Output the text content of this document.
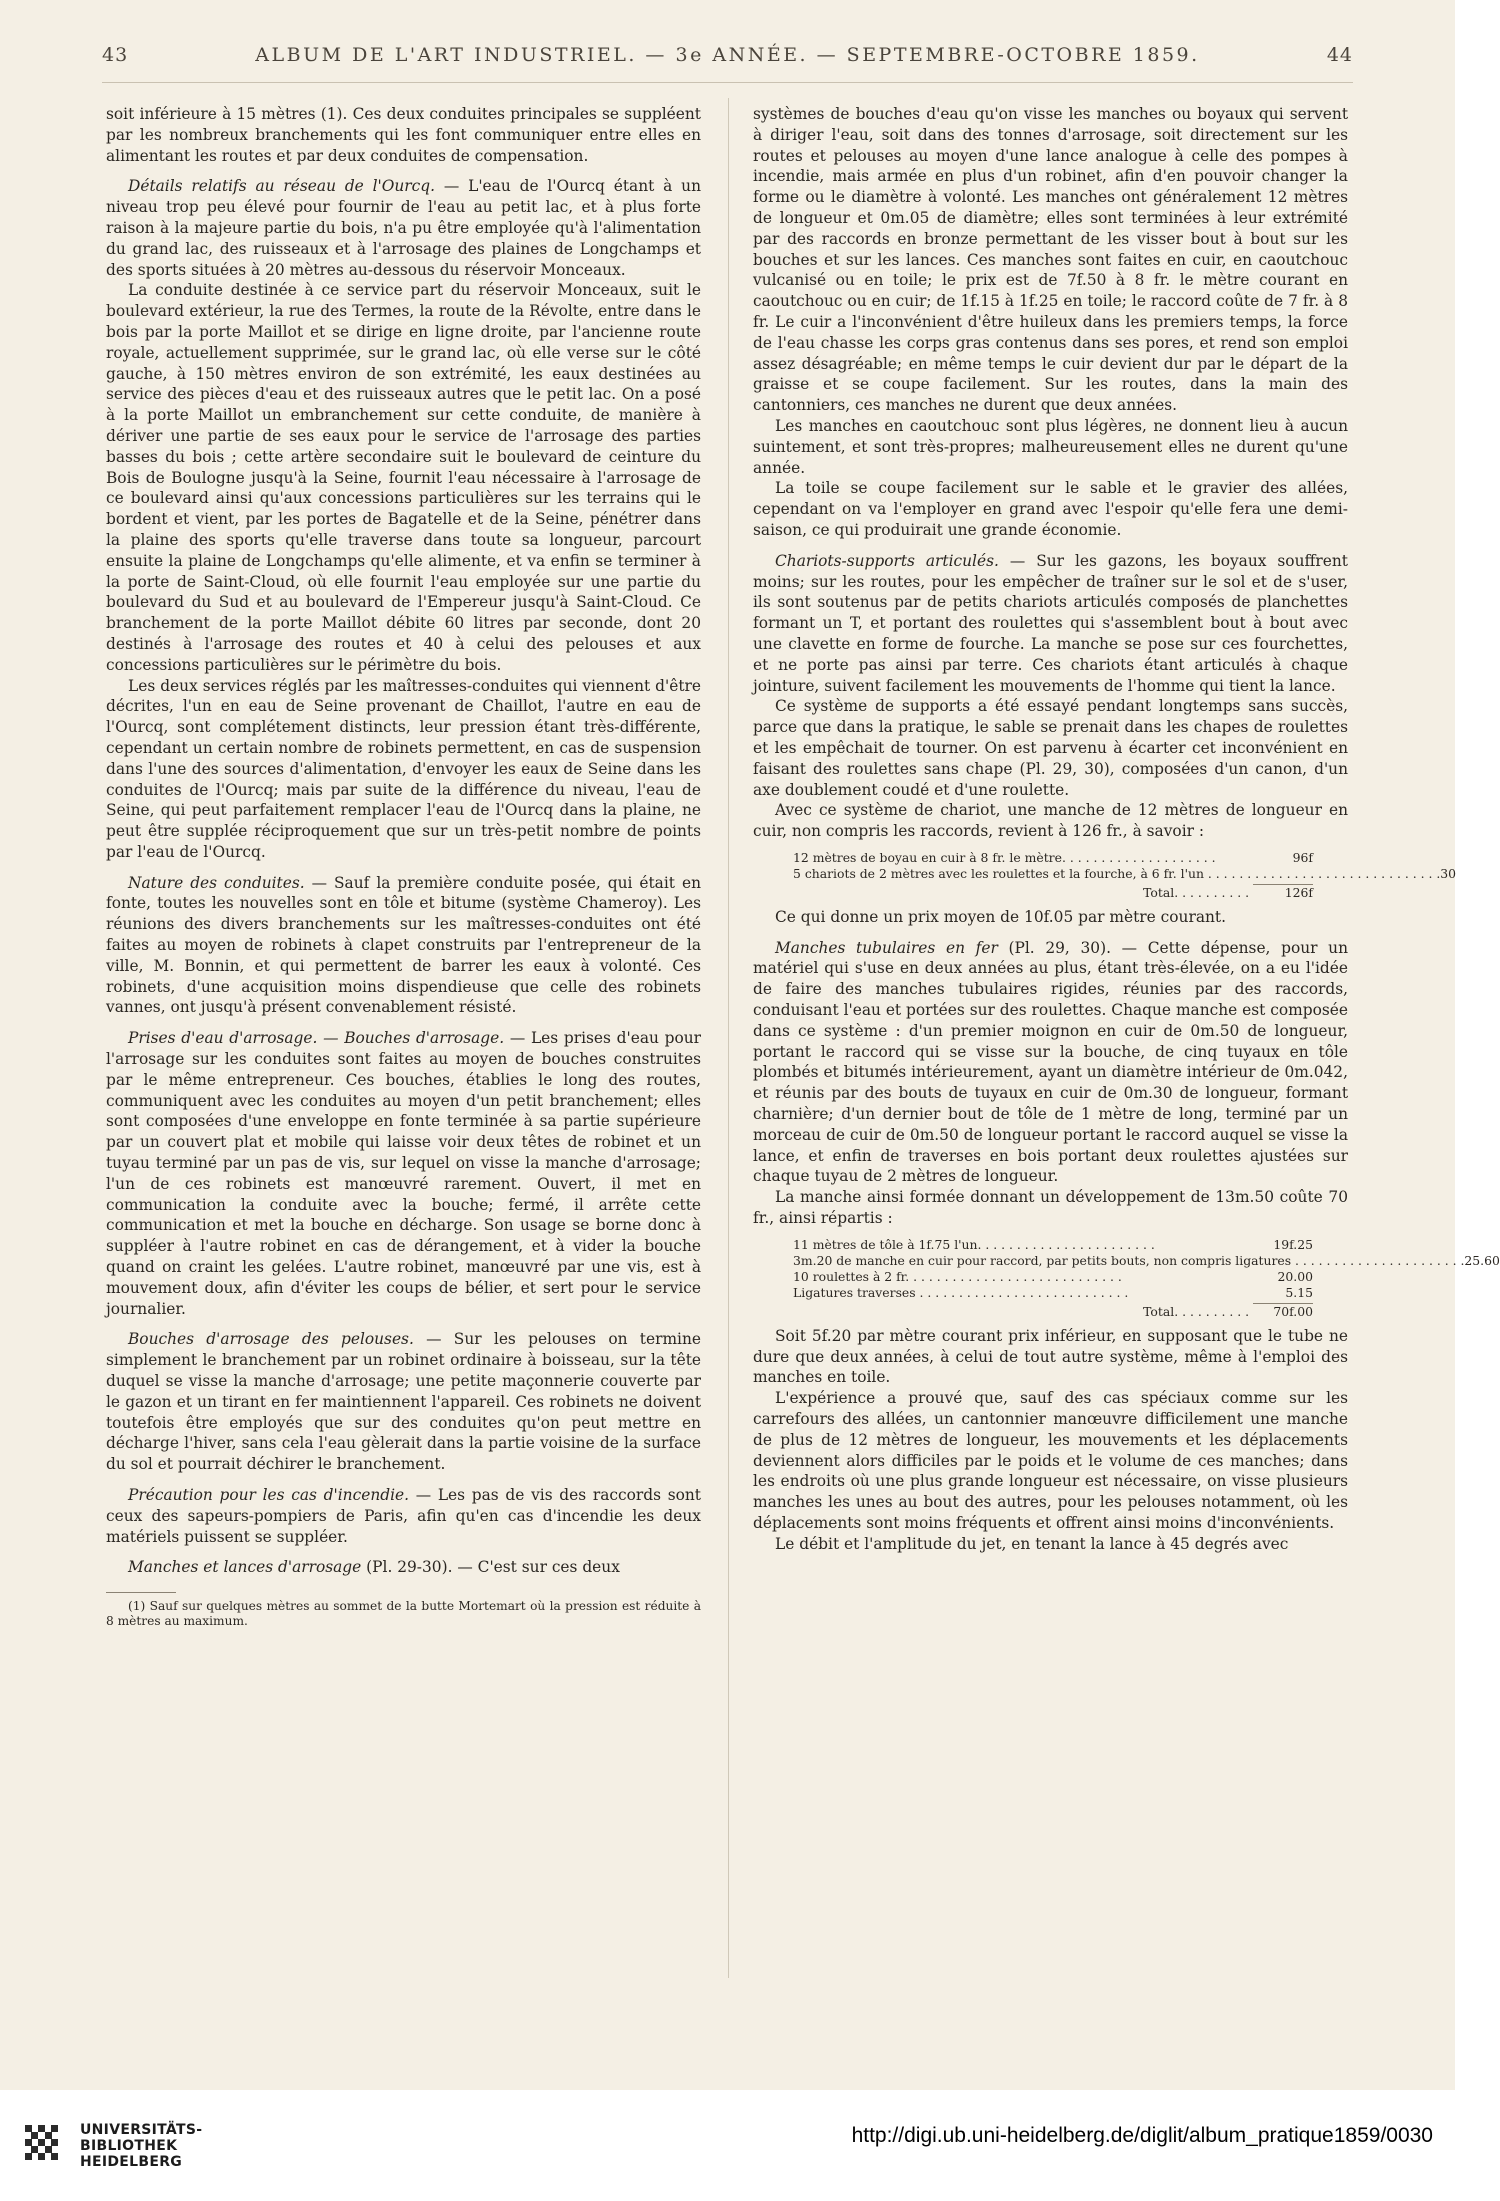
43	ALBUM DE L'ART INDUSTRIEL. — 3e ANNÉE. — SEPTEMBRE-OCTOBRE 1859.	44

soit inférieure à 15 mètres (1). Ces deux conduites principales se suppléent par les nombreux branchements qui les font communiquer entre elles en alimentant les routes et par deux conduites de compensation.

Détails relatifs au réseau de l'Ourcq. — L'eau de l'Ourcq étant à un niveau trop peu élevé pour fournir de l'eau au petit lac, et à plus forte raison à la majeure partie du bois, n'a pu être employée qu'à l'alimentation du grand lac, des ruisseaux et à l'arrosage des plaines de Longchamps et des sports situées à 20 mètres au-dessous du réservoir Monceaux.

La conduite destinée à ce service part du réservoir Monceaux, suit le boulevard extérieur, la rue des Termes, la route de la Révolte, entre dans le bois par la porte Maillot et se dirige en ligne droite, par l'ancienne route royale, actuellement supprimée, sur le grand lac, où elle verse sur le côté gauche, à 150 mètres environ de son extrémité, les eaux destinées au service des pièces d'eau et des ruisseaux autres que le petit lac. On a posé à la porte Maillot un embranchement sur cette conduite, de manière à dériver une partie de ses eaux pour le service de l'arrosage des parties basses du bois ; cette artère secondaire suit le boulevard de ceinture du Bois de Boulogne jusqu'à la Seine, fournit l'eau nécessaire à l'arrosage de ce boulevard ainsi qu'aux concessions particulières sur les terrains qui le bordent et vient, par les portes de Bagatelle et de la Seine, pénétrer dans la plaine des sports qu'elle traverse dans toute sa longueur, parcourt ensuite la plaine de Longchamps qu'elle alimente, et va enfin se terminer à la porte de Saint-Cloud, où elle fournit l'eau employée sur une partie du boulevard du Sud et au boulevard de l'Empereur jusqu'à Saint-Cloud. Ce branchement de la porte Maillot débite 60 litres par seconde, dont 20 destinés à l'arrosage des routes et 40 à celui des pelouses et aux concessions particulières sur le périmètre du bois.

Les deux services réglés par les maîtresses-conduites qui viennent d'être décrites, l'un en eau de Seine provenant de Chaillot, l'autre en eau de l'Ourcq, sont complétement distincts, leur pression étant très-différente, cependant un certain nombre de robinets permettent, en cas de suspension dans l'une des sources d'alimentation, d'envoyer les eaux de Seine dans les conduites de l'Ourcq; mais par suite de la différence du niveau, l'eau de Seine, qui peut parfaitement remplacer l'eau de l'Ourcq dans la plaine, ne peut être supplée réciproquement que sur un très-petit nombre de points par l'eau de l'Ourcq.

Nature des conduites. — Sauf la première conduite posée, qui était en fonte, toutes les nouvelles sont en tôle et bitume (système Chameroy). Les réunions des divers branchements sur les maîtresses-conduites ont été faites au moyen de robinets à clapet construits par l'entrepreneur de la ville, M. Bonnin, et qui permettent de barrer les eaux à volonté. Ces robinets, d'une acquisition moins dispendieuse que celle des robinets vannes, ont jusqu'à présent convenablement résisté.

Prises d'eau d'arrosage. — Bouches d'arrosage. — Les prises d'eau pour l'arrosage sur les conduites sont faites au moyen de bouches construites par le même entrepreneur. Ces bouches, établies le long des routes, communiquent avec les conduites au moyen d'un petit branchement; elles sont composées d'une enveloppe en fonte terminée à sa partie supérieure par un couvert plat et mobile qui laisse voir deux têtes de robinet et un tuyau terminé par un pas de vis, sur lequel on visse la manche d'arrosage; l'un de ces robinets est manœuvré rarement. Ouvert, il met en communication la conduite avec la bouche; fermé, il arrête cette communication et met la bouche en décharge. Son usage se borne donc à suppléer à l'autre robinet en cas de dérangement, et à vider la bouche quand on craint les gelées. L'autre robinet, manœuvré par une vis, est à mouvement doux, afin d'éviter les coups de bélier, et sert pour le service journalier.

Bouches d'arrosage des pelouses. — Sur les pelouses on termine simplement le branchement par un robinet ordinaire à boisseau, sur la tête duquel se visse la manche d'arrosage; une petite maçonnerie couverte par le gazon et un tirant en fer maintiennent l'appareil. Ces robinets ne doivent toutefois être employés que sur des conduites qu'on peut mettre en décharge l'hiver, sans cela l'eau gèlerait dans la partie voisine de la surface du sol et pourrait déchirer le branchement.

Précaution pour les cas d'incendie. — Les pas de vis des raccords sont ceux des sapeurs-pompiers de Paris, afin qu'en cas d'incendie les deux matériels puissent se suppléer.

Manches et lances d'arrosage (Pl. 29-30). — C'est sur ces deux

(1) Sauf sur quelques mètres au sommet de la butte Mortemart où la pression est réduite à 8 mètres au maximum.

systèmes de bouches d'eau qu'on visse les manches ou boyaux qui servent à diriger l'eau, soit dans des tonnes d'arrosage, soit directement sur les routes et pelouses au moyen d'une lance analogue à celle des pompes à incendie, mais armée en plus d'un robinet, afin d'en pouvoir changer la forme ou le diamètre à volonté. Les manches ont généralement 12 mètres de longueur et 0m.05 de diamètre; elles sont terminées à leur extrémité par des raccords en bronze permettant de les visser bout à bout sur les bouches et sur les lances. Ces manches sont faites en cuir, en caoutchouc vulcanisé ou en toile; le prix est de 7f.50 à 8 fr. le mètre courant en caoutchouc ou en cuir; de 1f.15 à 1f.25 en toile; le raccord coûte de 7 fr. à 8 fr. Le cuir a l'inconvénient d'être huileux dans les premiers temps, la force de l'eau chasse les corps gras contenus dans ses pores, et rend son emploi assez désagréable; en même temps le cuir devient dur par le départ de la graisse et se coupe facilement. Sur les routes, dans la main des cantonniers, ces manches ne durent que deux années.

Les manches en caoutchouc sont plus légères, ne donnent lieu à aucun suintement, et sont très-propres; malheureusement elles ne durent qu'une année.

La toile se coupe facilement sur le sable et le gravier des allées, cependant on va l'employer en grand avec l'espoir qu'elle fera une demi-saison, ce qui produirait une grande économie.

Chariots-supports articulés. — Sur les gazons, les boyaux souffrent moins; sur les routes, pour les empêcher de traîner sur le sol et de s'user, ils sont soutenus par de petits chariots articulés composés de planchettes formant un T, et portant des roulettes qui s'assemblent bout à bout avec une clavette en forme de fourche. La manche se pose sur ces fourchettes, et ne porte pas ainsi par terre. Ces chariots étant articulés à chaque jointure, suivent facilement les mouvements de l'homme qui tient la lance.

Ce système de supports a été essayé pendant longtemps sans succès, parce que dans la pratique, le sable se prenait dans les chapes de roulettes et les empêchait de tourner. On est parvenu à écarter cet inconvénient en faisant des roulettes sans chape (Pl. 29, 30), composées d'un canon, d'un axe doublement coudé et d'une roulette.

Avec ce système de chariot, une manche de 12 mètres de longueur en cuir, non compris les raccords, revient à 126 fr., à savoir :

12 mètres de boyau en cuir à 8 fr. le mètre. . . . . . . . . . . . . . . . . . . .	96f
5 chariots de 2 mètres avec les roulettes et la fourche, à 6 fr. l'un . . . . . . . . . . . . . . . . . . . . . . . . . . . . . . 30
Total. . . . . . . . . .	126f

Ce qui donne un prix moyen de 10f.05 par mètre courant.

Manches tubulaires en fer (Pl. 29, 30). — Cette dépense, pour un matériel qui s'use en deux années au plus, étant très-élevée, on a eu l'idée de faire des manches tubulaires rigides, réunies par des raccords, conduisant l'eau et portées sur des roulettes. Chaque manche est composée dans ce système : d'un premier moignon en cuir de 0m.50 de longueur, portant le raccord qui se visse sur la bouche, de cinq tuyaux en tôle plombés et bitumés intérieurement, ayant un diamètre intérieur de 0m.042, et réunis par des bouts de tuyaux en cuir de 0m.30 de longueur, formant charnière; d'un dernier bout de tôle de 1 mètre de long, terminé par un morceau de cuir de 0m.50 de longueur portant le raccord auquel se visse la lance, et enfin de traverses en bois portant deux roulettes ajustées sur chaque tuyau de 2 mètres de longueur.

La manche ainsi formée donnant un développement de 13m.50 coûte 70 fr., ainsi répartis :

11 mètres de tôle à 1f.75 l'un. . . . . . . . . . . . . . . . . . . . . . .	19f.25
3m.20 de manche en cuir pour raccord, par petits bouts, non compris ligatures . . . . . . . . . . . . . . . . . . . . . . 25.60
10 roulettes à 2 fr. . . . . . . . . . . . . . . . . . . . . . . . . . . .	20.00
Ligatures traverses . . . . . . . . . . . . . . . . . . . . . . . . . . .	5.15
Total. . . . . . . . . . 70f.00

Soit 5f.20 par mètre courant prix inférieur, en supposant que le tube ne dure que deux années, à celui de tout autre système, même à l'emploi des manches en toile.

L'expérience a prouvé que, sauf des cas spéciaux comme sur les carrefours des allées, un cantonnier manœuvre difficilement une manche de plus de 12 mètres de longueur, les mouvements et les déplacements deviennent alors difficiles par le poids et le volume de ces manches; dans les endroits où une plus grande longueur est nécessaire, on visse plusieurs manches les unes au bout des autres, pour les pelouses notamment, où les déplacements sont moins fréquents et offrent ainsi moins d'inconvénients.

Le débit et l'amplitude du jet, en tenant la lance à 45 degrés avec

UNIVERSITÄTS-
BIBLIOTHEK
HEIDELBERG
http://digi.ub.uni-heidelberg.de/diglit/album_pratique1859/0030
